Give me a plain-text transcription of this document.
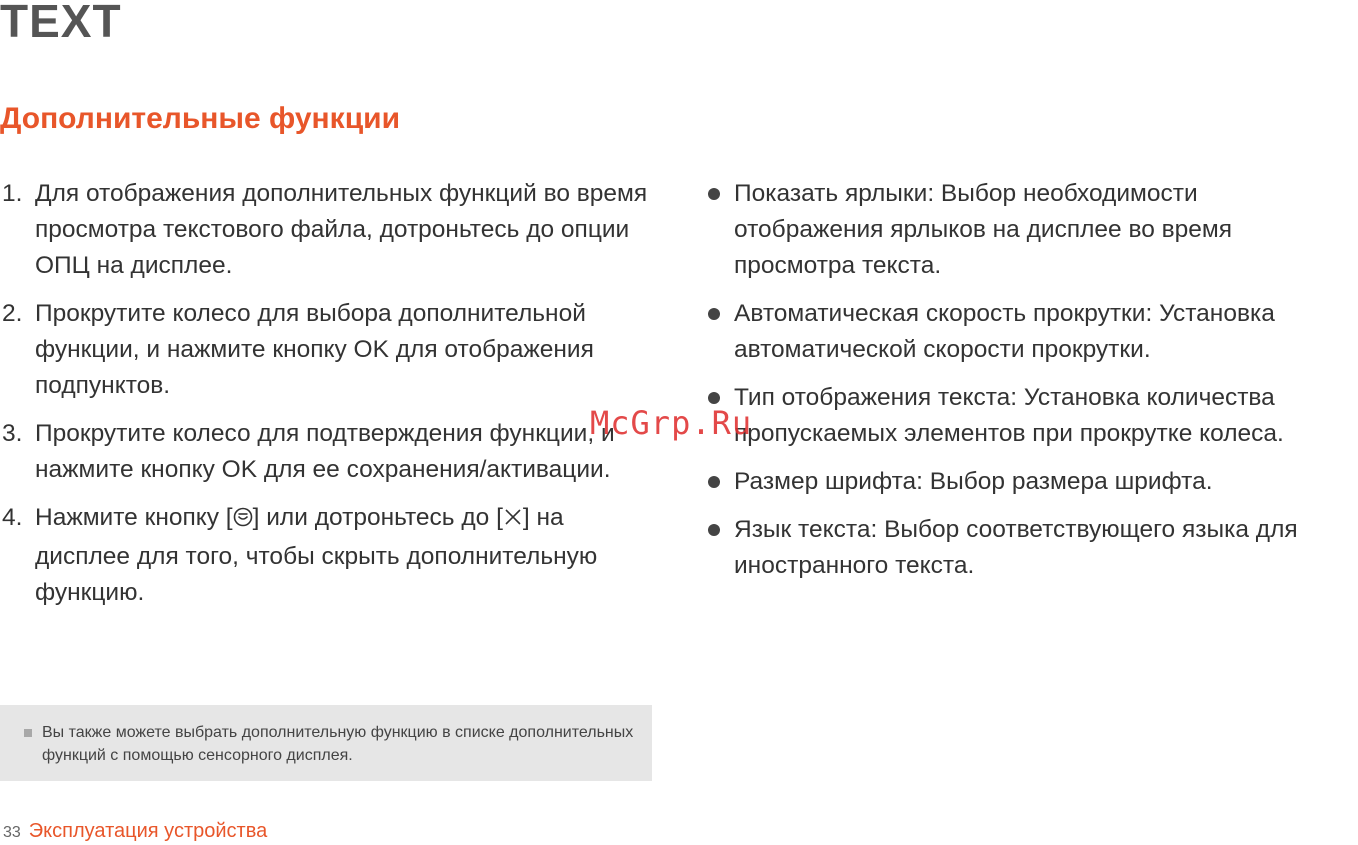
TEXT
Дополнительные функции
1. Для отображения дополнительных функций во время просмотра текстового файла, дотроньтесь до опции ОПЦ на дисплее.
2. Прокрутите колесо для выбора дополнительной функции, и нажмите кнопку OK для отображения подпунктов.
3. Прокрутите колесо для подтверждения функции, и нажмите кнопку OK для ее сохранения/активации.
4. Нажмите кнопку [ ] или дотроньтесь до [ ] на дисплее для того, чтобы скрыть дополнительную функцию.
Показать ярлыки: Выбор необходимости отображения ярлыков на дисплее во время просмотра текста.
Автоматическая скорость прокрутки: Установка автоматической скорости прокрутки.
Тип отображения текста: Установка количества пропускаемых элементов при прокрутке колеса.
Размер шрифта: Выбор размера шрифта.
Язык текста: Выбор соответствующего языка для иностранного текста.
Вы также можете выбрать дополнительную функцию в списке дополнительных функций с помощью сенсорного дисплея.
33 Эксплуатация устройства
McGrp.Ru
